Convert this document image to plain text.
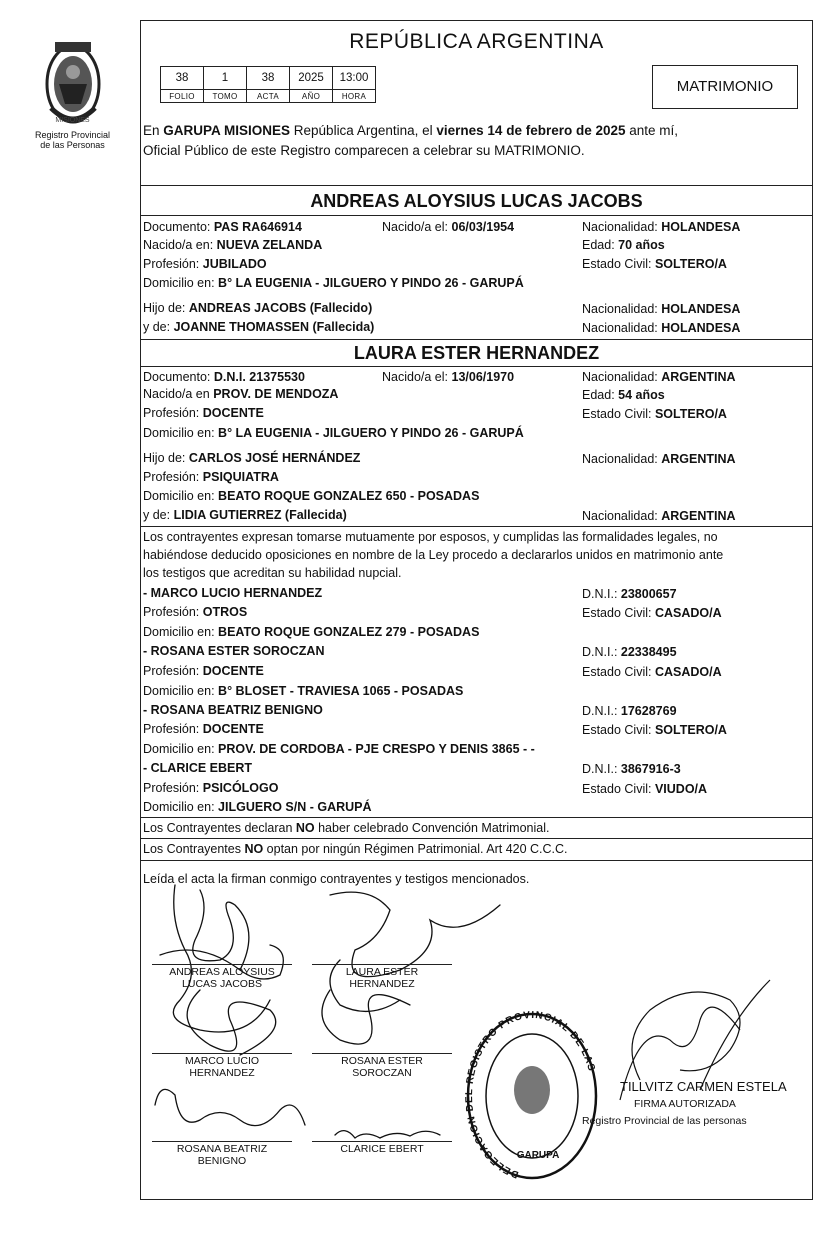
MISIONES
Registro Provincial
de las Personas
REPÚBLICA ARGENTINA
38	1	38	2025	13:00
FOLIO	TOMO	ACTA	AÑO	HORA
MATRIMONIO
En GARUPA MISIONES República Argentina, el viernes 14 de febrero de 2025 ante mí,
Oficial Público de este Registro comparecen a celebrar su MATRIMONIO.
ANDREAS ALOYSIUS LUCAS JACOBS
Documento: PAS RA646914	Nacido/a el: 06/03/1954	Nacionalidad: HOLANDESA
Nacido/a en: NUEVA ZELANDA	Edad: 70 años
Profesión: JUBILADO	Estado Civil: SOLTERO/A
Domicilio en: B° LA EUGENIA - JILGUERO Y PINDO 26 - GARUPÁ
Hijo de: ANDREAS JACOBS (Fallecido)	Nacionalidad: HOLANDESA
y de: JOANNE THOMASSEN (Fallecida)	Nacionalidad: HOLANDESA
LAURA ESTER HERNANDEZ
Documento: D.N.I. 21375530	Nacido/a el: 13/06/1970	Nacionalidad: ARGENTINA
Nacido/a en PROV. DE MENDOZA	Edad: 54 años
Profesión: DOCENTE	Estado Civil: SOLTERO/A
Domicilio en: B° LA EUGENIA - JILGUERO Y PINDO 26 - GARUPÁ
Hijo de: CARLOS JOSÉ HERNÁNDEZ	Nacionalidad: ARGENTINA
Profesión: PSIQUIATRA
Domicilio en: BEATO ROQUE GONZALEZ 650 - POSADAS
y de: LIDIA GUTIERREZ (Fallecida)	Nacionalidad: ARGENTINA
Los contrayentes expresan tomarse mutuamente por esposos, y cumplidas las formalidades legales, no
habiéndose deducido oposiciones en nombre de la Ley procedo a declararlos unidos en matrimonio ante
los testigos que acreditan su habilidad nupcial.
- MARCO LUCIO HERNANDEZ	D.N.I.: 23800657
Profesión: OTROS	Estado Civil: CASADO/A
Domicilio en: BEATO ROQUE GONZALEZ 279 - POSADAS
- ROSANA ESTER SOROCZAN	D.N.I.: 22338495
Profesión: DOCENTE	Estado Civil: CASADO/A
Domicilio en: B° BLOSET - TRAVIESA 1065 - POSADAS
- ROSANA BEATRIZ BENIGNO	D.N.I.: 17628769
Profesión: DOCENTE	Estado Civil: SOLTERO/A
Domicilio en: PROV. DE CORDOBA - PJE CRESPO Y DENIS 3865 - -
- CLARICE EBERT	D.N.I.: 3867916-3
Profesión: PSICÓLOGO	Estado Civil: VIUDO/A
Domicilio en: JILGUERO S/N - GARUPÁ
Los Contrayentes declaran NO haber celebrado Convención Matrimonial.
Los Contrayentes NO optan por ningún Régimen Patrimonial. Art 420 C.C.C.
Leída el acta la firman conmigo contrayentes y testigos mencionados.
ANDREAS ALOYSIUS
LUCAS JACOBS
LAURA ESTER
HERNANDEZ
MARCO LUCIO
HERNANDEZ
ROSANA ESTER
SOROCZAN
ROSANA BEATRIZ
BENIGNO
CLARICE EBERT
DELEGACION DEL REGISTRO PROVINCIAL DE LAS
GARUPA
TILLVITZ CARMEN ESTELA
FIRMA AUTORIZADA
Registro Provincial de las personas
